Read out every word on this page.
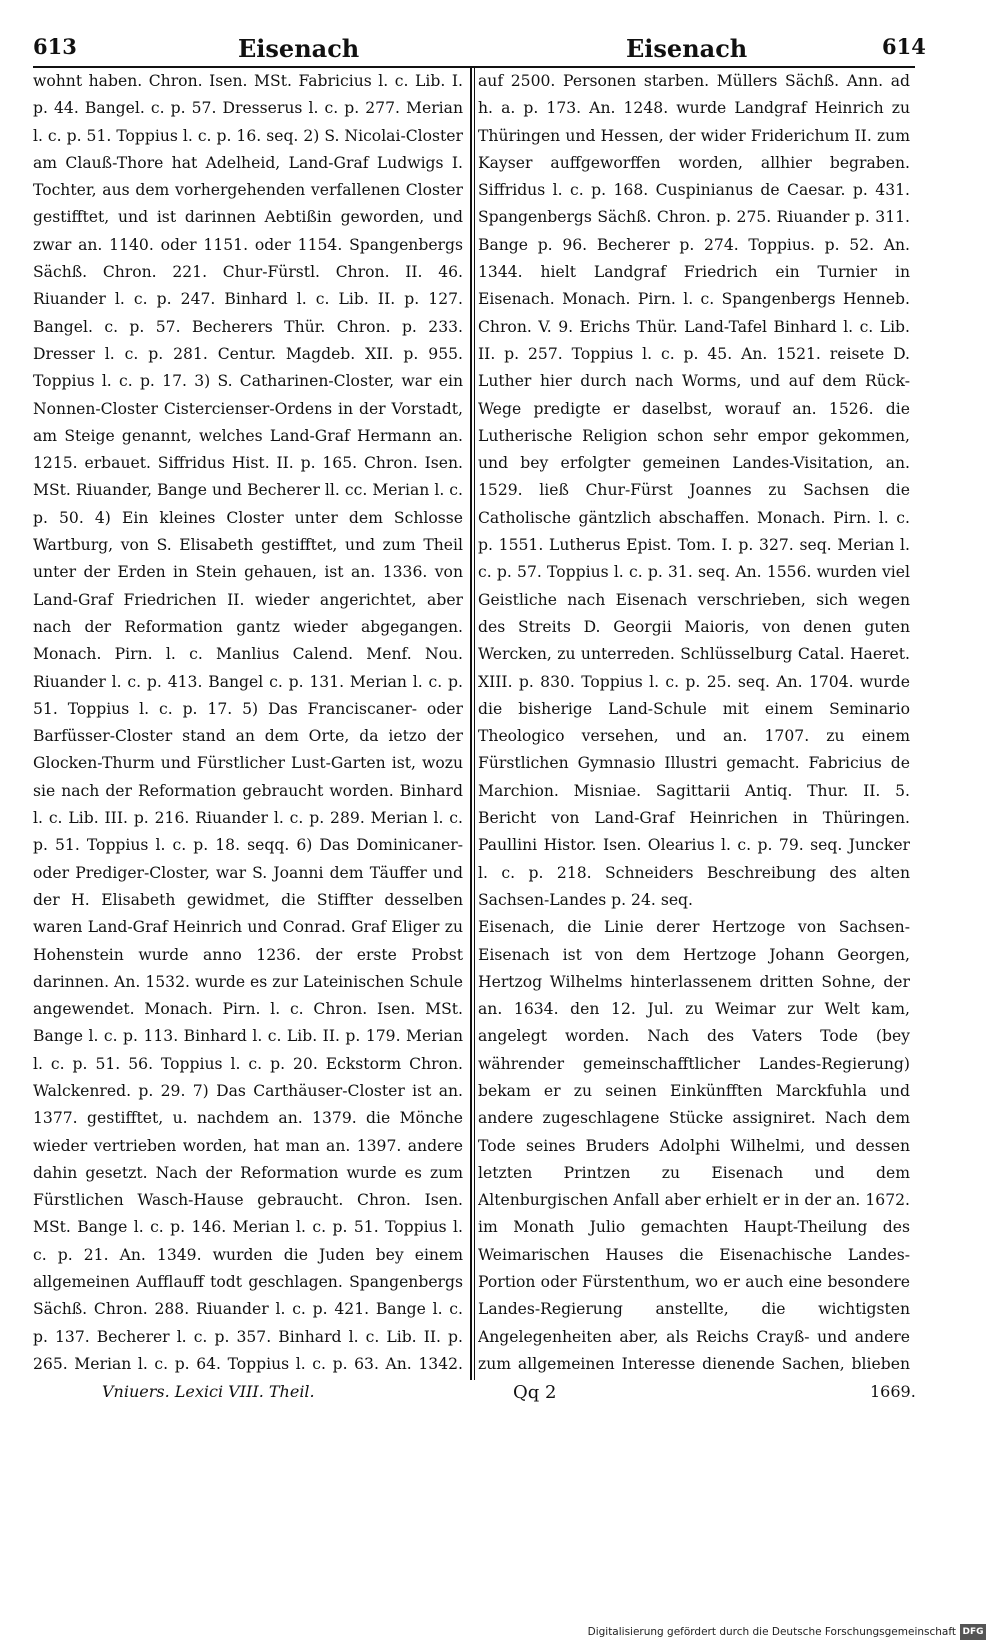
613	Eisenach	Eisenach	614

wohnt haben. Chron. Isen. MSt. Fabricius l. c. Lib. I. p. 44. Bangel. c. p. 57. Dresserus l. c. p. 277. Merian l. c. p. 51. Toppius l. c. p. 16. seq. 2) S. Nicolai-Closter am Clauß-Thore hat Adelheid, Land-Graf Ludwigs I. Tochter, aus dem vorhergehenden verfallenen Closter gestifftet, und ist darinnen Aebtißin geworden, und zwar an. 1140. oder 1151. oder 1154. Spangenbergs Sächß. Chron. 221. Chur-Fürstl. Chron. II. 46. Riuander l. c. p. 247. Binhard l. c. Lib. II. p. 127. Bangel. c. p. 57. Becherers Thür. Chron. p. 233. Dresser l. c. p. 281. Centur. Magdeb. XII. p. 955. Toppius l. c. p. 17. 3) S. Catharinen-Closter, war ein Nonnen-Closter Cistercienser-Ordens in der Vorstadt, am Steige genannt, welches Land-Graf Hermann an. 1215. erbauet. Siffridus Hist. II. p. 165. Chron. Isen. MSt. Riuander, Bange und Becherer ll. cc. Merian l. c. p. 50. 4) Ein kleines Closter unter dem Schlosse Wartburg, von S. Elisabeth gestifftet, und zum Theil unter der Erden in Stein gehauen, ist an. 1336. von Land-Graf Friedrichen II. wieder angerichtet, aber nach der Reformation gantz wieder abgegangen. Monach. Pirn. l. c. Manlius Calend. Menf. Nou. Riuander l. c. p. 413. Bangel c. p. 131. Merian l. c. p. 51. Toppius l. c. p. 17. 5) Das Franciscaner- oder Barfüsser-Closter stand an dem Orte, da ietzo der Glocken-Thurm und Fürstlicher Lust-Garten ist, wozu sie nach der Reformation gebraucht worden. Binhard l. c. Lib. III. p. 216. Riuander l. c. p. 289. Merian l. c. p. 51. Toppius l. c. p. 18. seqq. 6) Das Dominicaner- oder Prediger-Closter, war S. Joanni dem Täuffer und der H. Elisabeth gewidmet, die Stiffter desselben waren Land-Graf Heinrich und Conrad. Graf Eliger zu Hohenstein wurde anno 1236. der erste Probst darinnen. An. 1532. wurde es zur Lateinischen Schule angewendet. Monach. Pirn. l. c. Chron. Isen. MSt. Bange l. c. p. 113. Binhard l. c. Lib. II. p. 179. Merian l. c. p. 51. 56. Toppius l. c. p. 20. Eckstorm Chron. Walckenred. p. 29. 7) Das Carthäuser-Closter ist an. 1377. gestifftet, u. nachdem an. 1379. die Mönche wieder vertrieben worden, hat man an. 1397. andere dahin gesetzt. Nach der Reformation wurde es zum Fürstlichen Wasch-Hause gebraucht. Chron. Isen. MSt. Bange l. c. p. 146. Merian l. c. p. 51. Toppius l. c. p. 21. An. 1349. wurden die Juden bey einem allgemeinen Aufflauff todt geschlagen. Spangenbergs Sächß. Chron. 288. Riuander l. c. p. 421. Bange l. c. p. 137. Becherer l. c. p. 357. Binhard l. c. Lib. II. p. 265. Merian l. c. p. 64. Toppius l. c. p. 63. An. 1342.

auf 2500. Personen starben. Müllers Sächß. Ann. ad h. a. p. 173. An. 1248. wurde Landgraf Heinrich zu Thüringen und Hessen, der wider Friderichum II. zum Kayser auffgeworffen worden, allhier begraben. Siffridus l. c. p. 168. Cuspinianus de Caesar. p. 431. Spangenbergs Sächß. Chron. p. 275. Riuander p. 311. Bange p. 96. Becherer p. 274. Toppius. p. 52. An. 1344. hielt Landgraf Friedrich ein Turnier in Eisenach. Monach. Pirn. l. c. Spangenbergs Henneb. Chron. V. 9. Erichs Thür. Land-Tafel Binhard l. c. Lib. II. p. 257. Toppius l. c. p. 45. An. 1521. reisete D. Luther hier durch nach Worms, und auf dem Rück-Wege predigte er daselbst, worauf an. 1526. die Lutherische Religion schon sehr empor gekommen, und bey erfolgter gemeinen Landes-Visitation, an. 1529. ließ Chur-Fürst Joannes zu Sachsen die Catholische gäntzlich abschaffen. Monach. Pirn. l. c. p. 1551. Lutherus Epist. Tom. I. p. 327. seq. Merian l. c. p. 57. Toppius l. c. p. 31. seq. An. 1556. wurden viel Geistliche nach Eisenach verschrieben, sich wegen des Streits D. Georgii Maioris, von denen guten Wercken, zu unterreden. Schlüsselburg Catal. Haeret. XIII. p. 830. Toppius l. c. p. 25. seq. An. 1704. wurde die bisherige Land-Schule mit einem Seminario Theologico versehen, und an. 1707. zu einem Fürstlichen Gymnasio Illustri gemacht. Fabricius de Marchion. Misniae. Sagittarii Antiq. Thur. II. 5. Bericht von Land-Graf Heinrichen in Thüringen. Paullini Histor. Isen. Olearius l. c. p. 79. seq. Juncker l. c. p. 218. Schneiders Beschreibung des alten Sachsen-Landes p. 24. seq.

Eisenach, die Linie derer Hertzoge von Sachsen-Eisenach ist von dem Hertzoge Johann Georgen, Hertzog Wilhelms hinterlassenem dritten Sohne, der an. 1634. den 12. Jul. zu Weimar zur Welt kam, angelegt worden. Nach des Vaters Tode (bey währender gemeinschafftlicher Landes-Regierung) bekam er zu seinen Einkünfften Marckfuhla und andere zugeschlagene Stücke assigniret. Nach dem Tode seines Bruders Adolphi Wilhelmi, und dessen letzten Printzen zu Eisenach und dem Altenburgischen Anfall aber erhielt er in der an. 1672. im Monath Julio gemachten Haupt-Theilung des Weimarischen Hauses die Eisenachische Landes-Portion oder Fürstenthum, wo er auch eine besondere Landes-Regierung anstellte, die wichtigsten Angelegenheiten aber, als Reichs Crayß- und andere zum allgemeinen Interesse dienende Sachen, blieben

Vniuers. Lexici VIII. Theil.	Qq 2	1669.
Digitalisierung gefördert durch die Deutsche Forschungsgemeinschaft DFG
